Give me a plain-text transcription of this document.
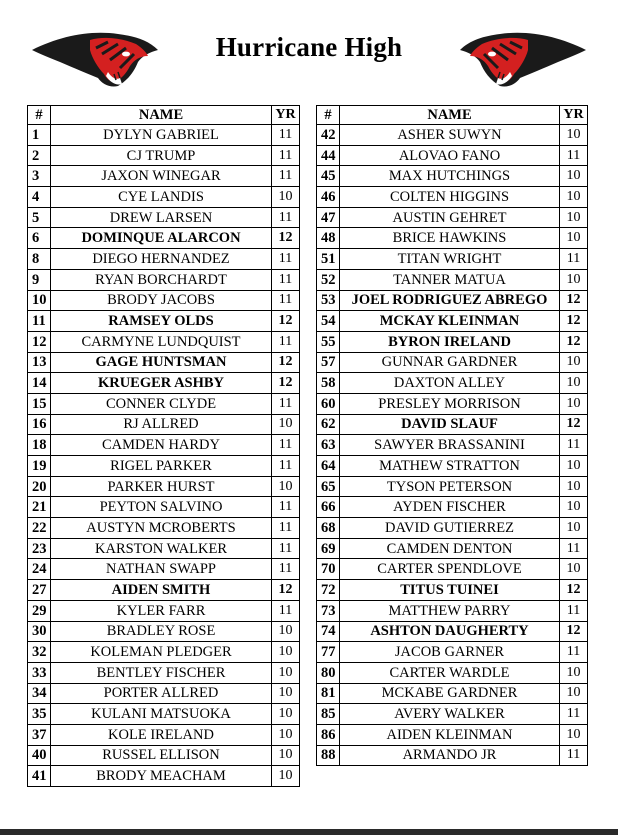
Hurricane High
#	NAME	YR
1	DYLYN GABRIEL	11
2	CJ TRUMP	11
3	JAXON WINEGAR	11
4	CYE LANDIS	10
5	DREW LARSEN	11
6	DOMINQUE ALARCON	12
8	DIEGO HERNANDEZ	11
9	RYAN BORCHARDT	11
10	BRODY JACOBS	11
11	RAMSEY OLDS	12
12	CARMYNE LUNDQUIST	11
13	GAGE HUNTSMAN	12
14	KRUEGER ASHBY	12
15	CONNER CLYDE	11
16	RJ ALLRED	10
18	CAMDEN HARDY	11
19	RIGEL PARKER	11
20	PARKER HURST	10
21	PEYTON SALVINO	11
22	AUSTYN MCROBERTS	11
23	KARSTON WALKER	11
24	NATHAN SWAPP	11
27	AIDEN SMITH	12
29	KYLER FARR	11
30	BRADLEY ROSE	10
32	KOLEMAN PLEDGER	10
33	BENTLEY FISCHER	10
34	PORTER ALLRED	10
35	KULANI MATSUOKA	10
37	KOLE IRELAND	10
40	RUSSEL ELLISON	10
41	BRODY MEACHAM	10
#	NAME	YR
42	ASHER SUWYN	10
44	ALOVAO FANO	11
45	MAX HUTCHINGS	10
46	COLTEN HIGGINS	10
47	AUSTIN GEHRET	10
48	BRICE HAWKINS	10
51	TITAN WRIGHT	11
52	TANNER MATUA	10
53	JOEL RODRIGUEZ ABREGO	12
54	MCKAY KLEINMAN	12
55	BYRON IRELAND	12
57	GUNNAR GARDNER	10
58	DAXTON ALLEY	10
60	PRESLEY MORRISON	10
62	DAVID SLAUF	12
63	SAWYER BRASSANINI	11
64	MATHEW STRATTON	10
65	TYSON PETERSON	10
66	AYDEN FISCHER	10
68	DAVID GUTIERREZ	10
69	CAMDEN DENTON	11
70	CARTER SPENDLOVE	10
72	TITUS TUINEI	12
73	MATTHEW PARRY	11
74	ASHTON DAUGHERTY	12
77	JACOB GARNER	11
80	CARTER WARDLE	10
81	MCKABE GARDNER	10
85	AVERY WALKER	11
86	AIDEN KLEINMAN	10
88	ARMANDO JR	11
